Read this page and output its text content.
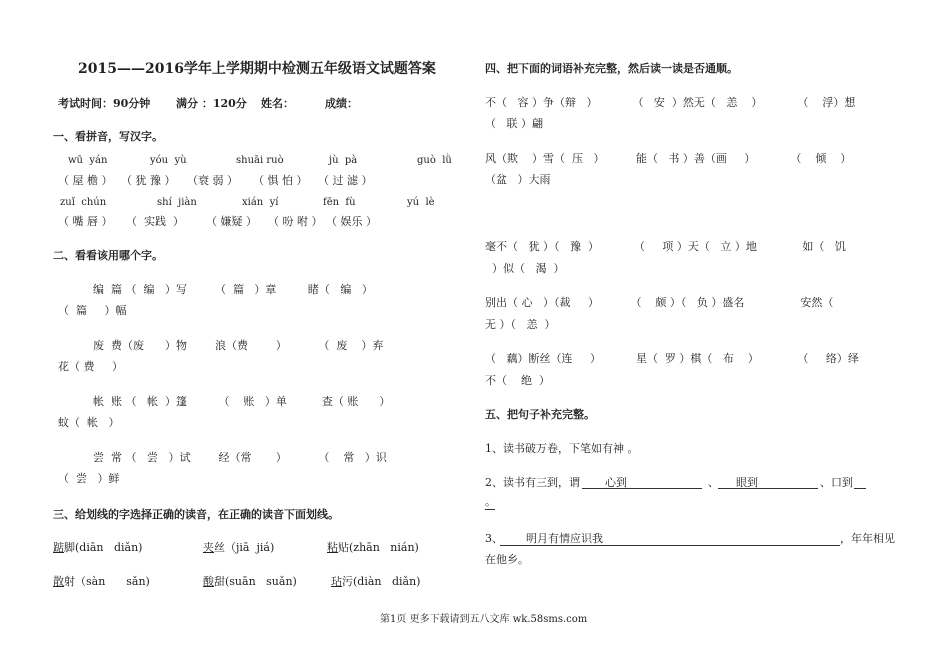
2015——2016学年上学期期中检测五年级语文试题答案
考试时间：90分钟 满分 ：120分 姓名：	成绩：
一、看拼音，写汉字。
wū  yán	yóu  yù	shuāi ruò	jù  pà	guò  lǜ
（ 屋 檐 ） （ 犹 豫 ） （衰 弱 ） （ 惧 怕 ） （ 过 滤 ）
zuǐ  chún	shí  jiàn	xián  yí	fēn  fù	yú  lè
（ 嘴 唇 ） （  实践  ） （ 嫌疑 ） （ 吩 咐 ） （ 娱乐 ）
二、看看该用哪个字。
编  篇 （  编   ）写        （  篇   ）章         睹（   编   ）
（  篇     ）幅
废  费（废      ）物        浪（费        ）         （  废    ）弃
花（ 费     ）
帐  账 （   帐  ）篷         （    账   ）单          查（ 账      ）
蚊（  帐   ）
尝  常 （   尝   ）试        经（常       ）         （    常   ）识
（  尝   ）鲜
三、给划线的字选择正确的读音，在正确的读音下面划线。
踮脚(diān   diǎn)	夹丝（jiā  jiá)	粘贴(zhān   nián)
散射（sàn      sǎn)	酸甜(suān   suǎn)	玷污(diàn   diǎn)
四、把下面的词语补充完整，然后读一读是否通顺。
不（   容 ）争（辩   ）          （   安  ）然无（   恙    ）          （    浮）想
（   联 ）翩
风（欺    ）雪（  压   ）         能（   书 ）善（画     ）          （    倾    ）
（盆   ）大雨
毫不（   犹 ）（   豫  ）          （     项 ）天（   立 ）地             如（   饥
）似（   渴  ）
别出（ 心   ）（裁     ）         （    颇 ）（   负 ）盛名                安然（
无 ）（   恙  ）
（   藕）断丝（连     ）          星（  罗 ）棋（   布    ）           （     络）绎
不（    绝  ）
五、把句子补充完整。
1、读书破万卷，下笔如有神 。
2、读书有三到，谓 心到	、 眼到	、口到
。
3、 明月有情应识我	，年年相见
在他乡。
第1页 更多下载请到五八文库 wk.58sms.com
